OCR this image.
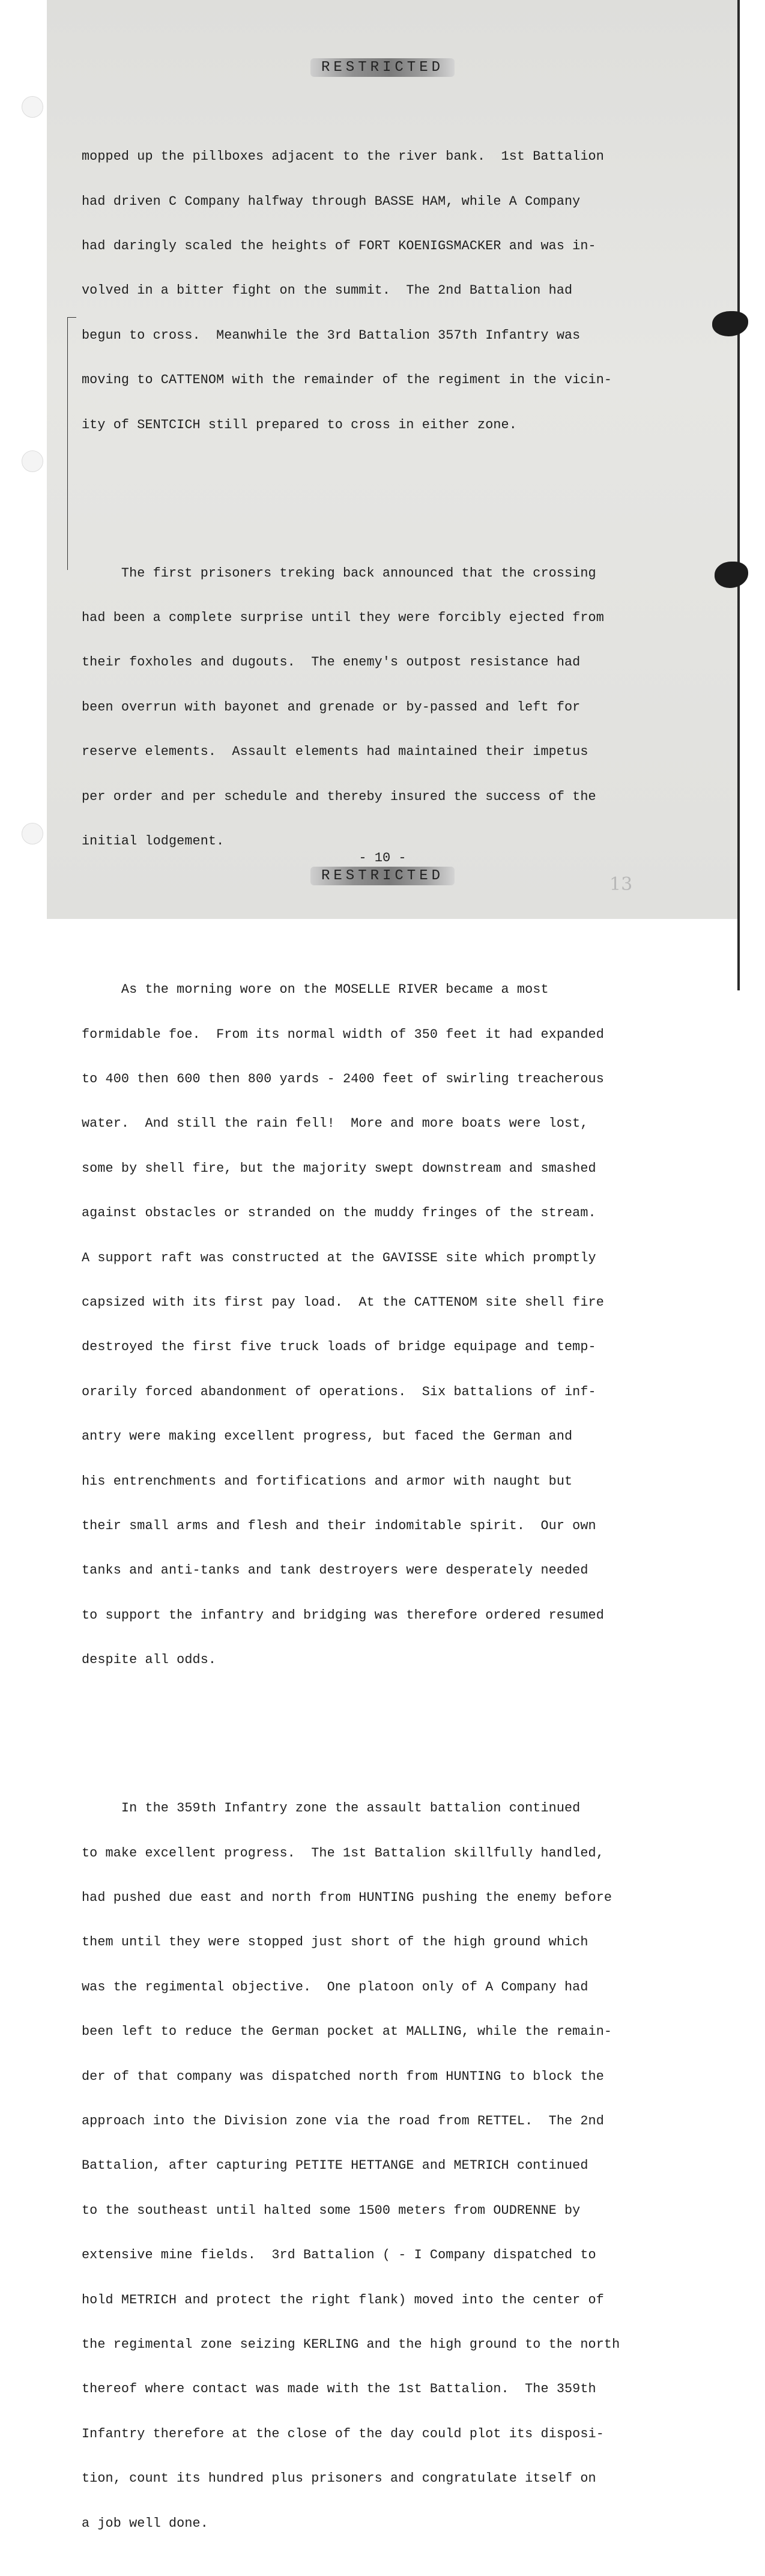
RESTRICTED

mopped up the pillboxes adjacent to the river bank.  1st Battalion

had driven C Company halfway through BASSE HAM, while A Company

had daringly scaled the heights of FORT KOENIGSMACKER and was in-

volved in a bitter fight on the summit.  The 2nd Battalion had

begun to cross.  Meanwhile the 3rd Battalion 357th Infantry was

moving to CATTENOM with the remainder of the regiment in the vicin-

ity of SENTCICH still prepared to cross in either zone.

The first prisoners treking back announced that the crossing

had been a complete surprise until they were forcibly ejected from

their foxholes and dugouts.  The enemy's outpost resistance had

been overrun with bayonet and grenade or by-passed and left for

reserve elements.  Assault elements had maintained their impetus

per order and per schedule and thereby insured the success of the

initial lodgement.

As the morning wore on the MOSELLE RIVER became a most

formidable foe.  From its normal width of 350 feet it had expanded

to 400 then 600 then 800 yards - 2400 feet of swirling treacherous

water.  And still the rain fell!  More and more boats were lost,

some by shell fire, but the majority swept downstream and smashed

against obstacles or stranded on the muddy fringes of the stream.

A support raft was constructed at the GAVISSE site which promptly

capsized with its first pay load.  At the CATTENOM site shell fire

destroyed the first five truck loads of bridge equipage and temp-

orarily forced abandonment of operations.  Six battalions of inf-

antry were making excellent progress, but faced the German and

his entrenchments and fortifications and armor with naught but

their small arms and flesh and their indomitable spirit.  Our own

tanks and anti-tanks and tank destroyers were desperately needed

to support the infantry and bridging was therefore ordered resumed

despite all odds.

In the 359th Infantry zone the assault battalion continued

to make excellent progress.  The 1st Battalion skillfully handled,

had pushed due east and north from HUNTING pushing the enemy before

them until they were stopped just short of the high ground which

was the regimental objective.  One platoon only of A Company had

been left to reduce the German pocket at MALLING, while the remain-

der of that company was dispatched north from HUNTING to block the

approach into the Division zone via the road from RETTEL.  The 2nd

Battalion, after capturing PETITE HETTANGE and METRICH continued

to the southeast until halted some 1500 meters from OUDRENNE by

extensive mine fields.  3rd Battalion ( - I Company dispatched to

hold METRICH and protect the right flank) moved into the center of

the regimental zone seizing KERLING and the high ground to the north

thereof where contact was made with the 1st Battalion.  The 359th

Infantry therefore at the close of the day could plot its disposi-

tion, count its hundred plus prisoners and congratulate itself on

a job well done.

- 10 -
RESTRICTED	13
